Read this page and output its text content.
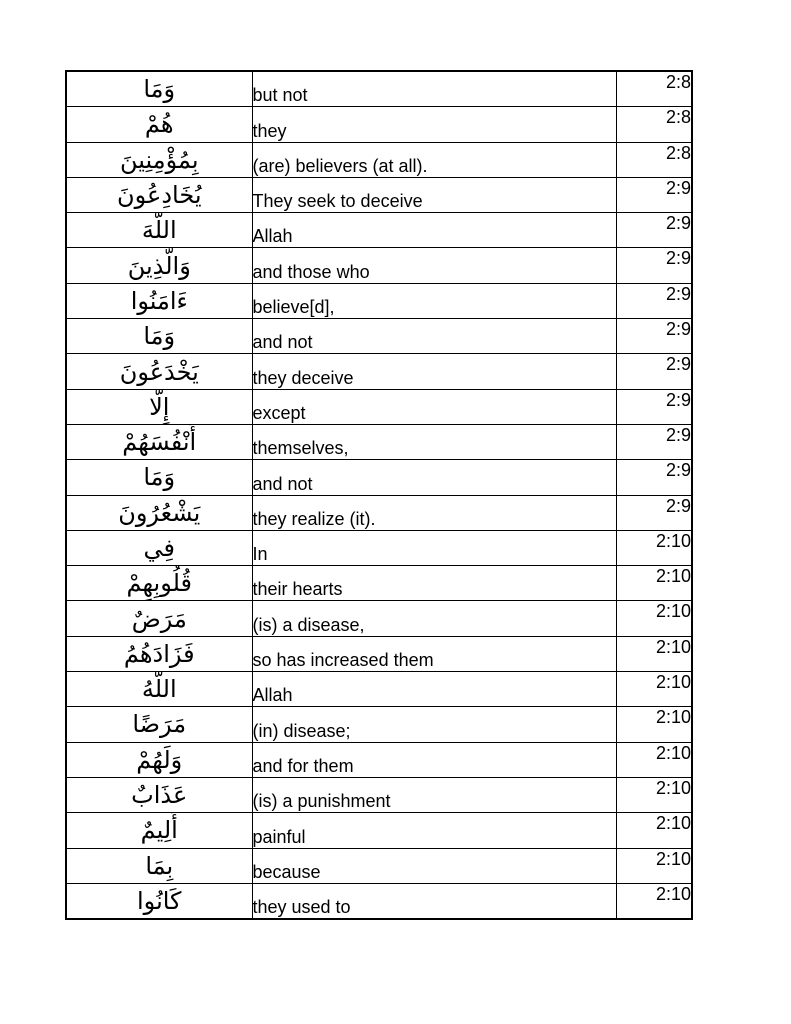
وَمَا	but not	2:8
هُمْ	they	2:8
بِمُؤْمِنِينَ	(are) believers (at all).	2:8
يُخَادِعُونَ	They seek to deceive	2:9
اللَّهَ	Allah	2:9
وَالَّذِينَ	and those who	2:9
ءَامَنُوا	believe[d],	2:9
وَمَا	and not	2:9
يَخْدَعُونَ	they deceive	2:9
إِلَّا	except	2:9
أَنْفُسَهُمْ	themselves,	2:9
وَمَا	and not	2:9
يَشْعُرُونَ	they realize (it).	2:9
فِي	In	2:10
قُلُوبِهِمْ	their hearts	2:10
مَرَضٌ	(is) a disease,	2:10
فَزَادَهُمُ	so has increased them	2:10
اللَّهُ	Allah	2:10
مَرَضًا	(in) disease;	2:10
وَلَهُمْ	and for them	2:10
عَذَابٌ	(is) a punishment	2:10
أَلِيمٌ	painful	2:10
بِمَا	because	2:10
كَانُوا	they used to	2:10
